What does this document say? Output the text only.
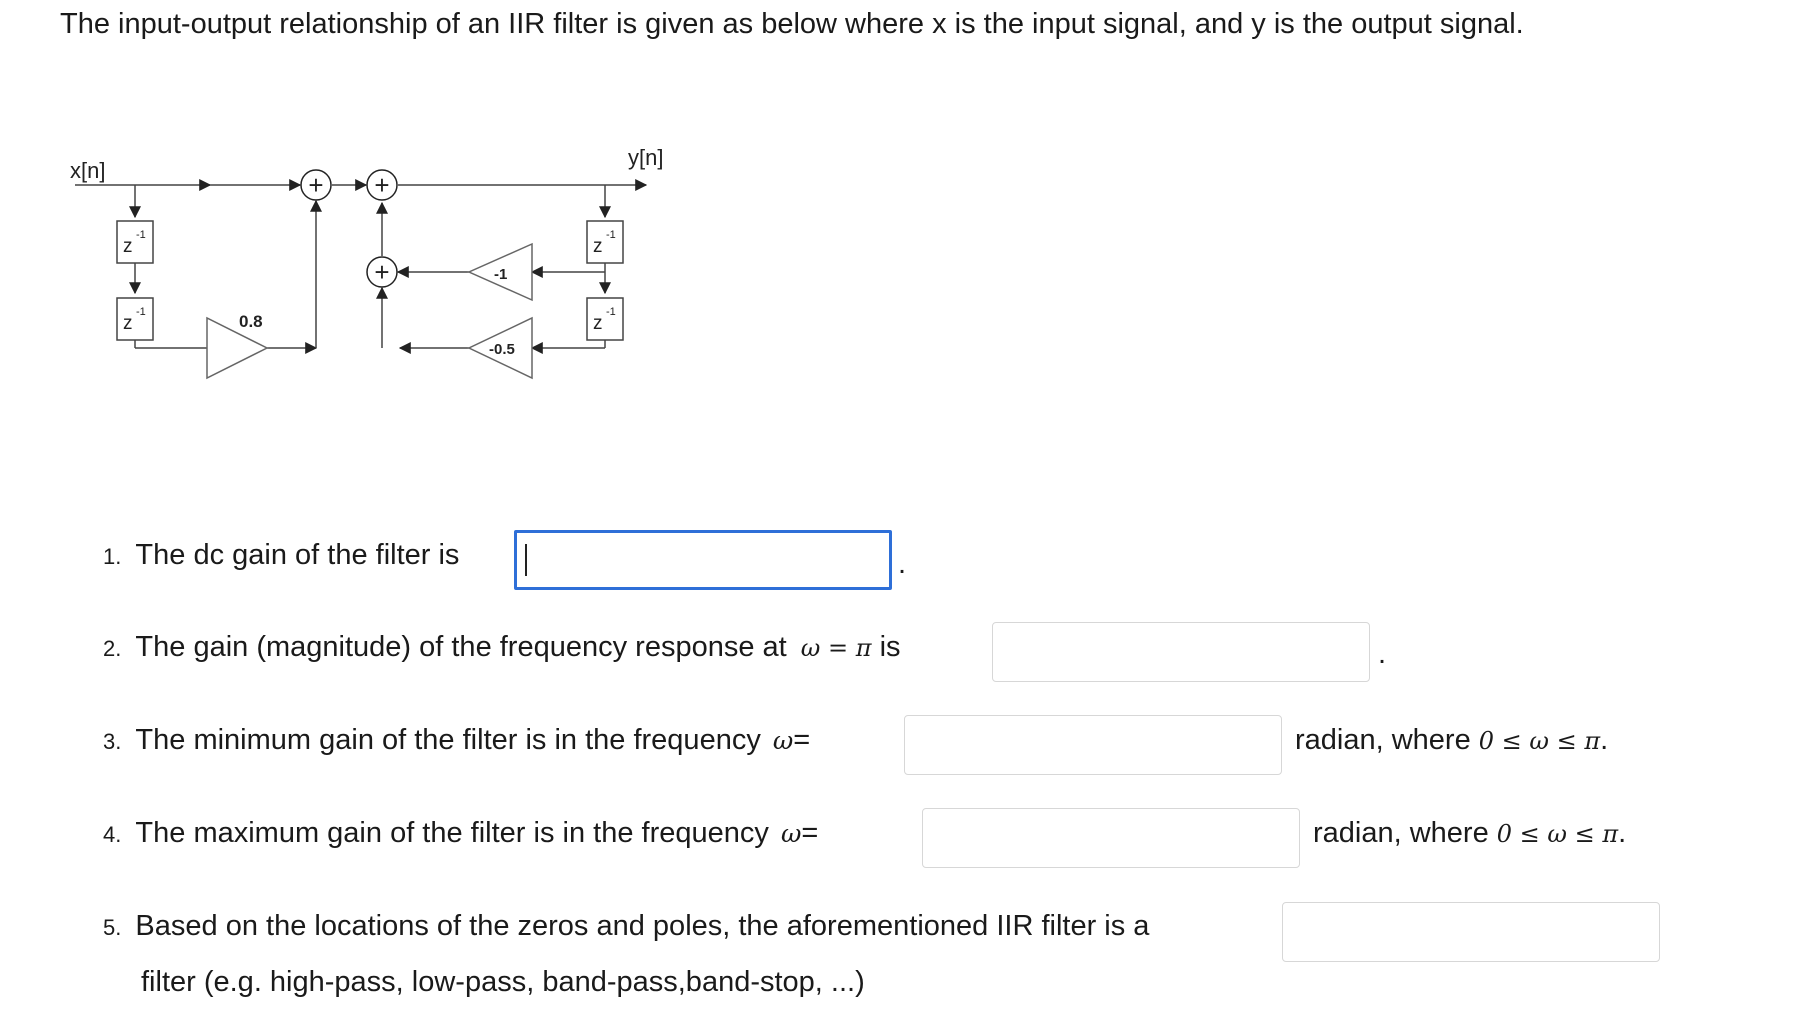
The input-output relationship of an IIR filter is given as below where x is the input signal, and y is the output signal.
z
-1
z
-1
z
-1
z
-1
0.8
-1
-0.5
+ +
+
x[n]
y[n]
1. The dc gain of the filter is	.
2. The gain (magnitude) of the frequency response at ω = π is	.
3. The minimum gain of the filter is in the frequency ω=	radian, where 0 ≤ ω ≤ π.
4. The maximum gain of the filter is in the frequency ω=	radian, where 0 ≤ ω ≤ π.
5. Based on the locations of the zeros and poles, the aforementioned IIR filter is a
filter (e.g. high-pass, low-pass, band-pass,band-stop, ...)
